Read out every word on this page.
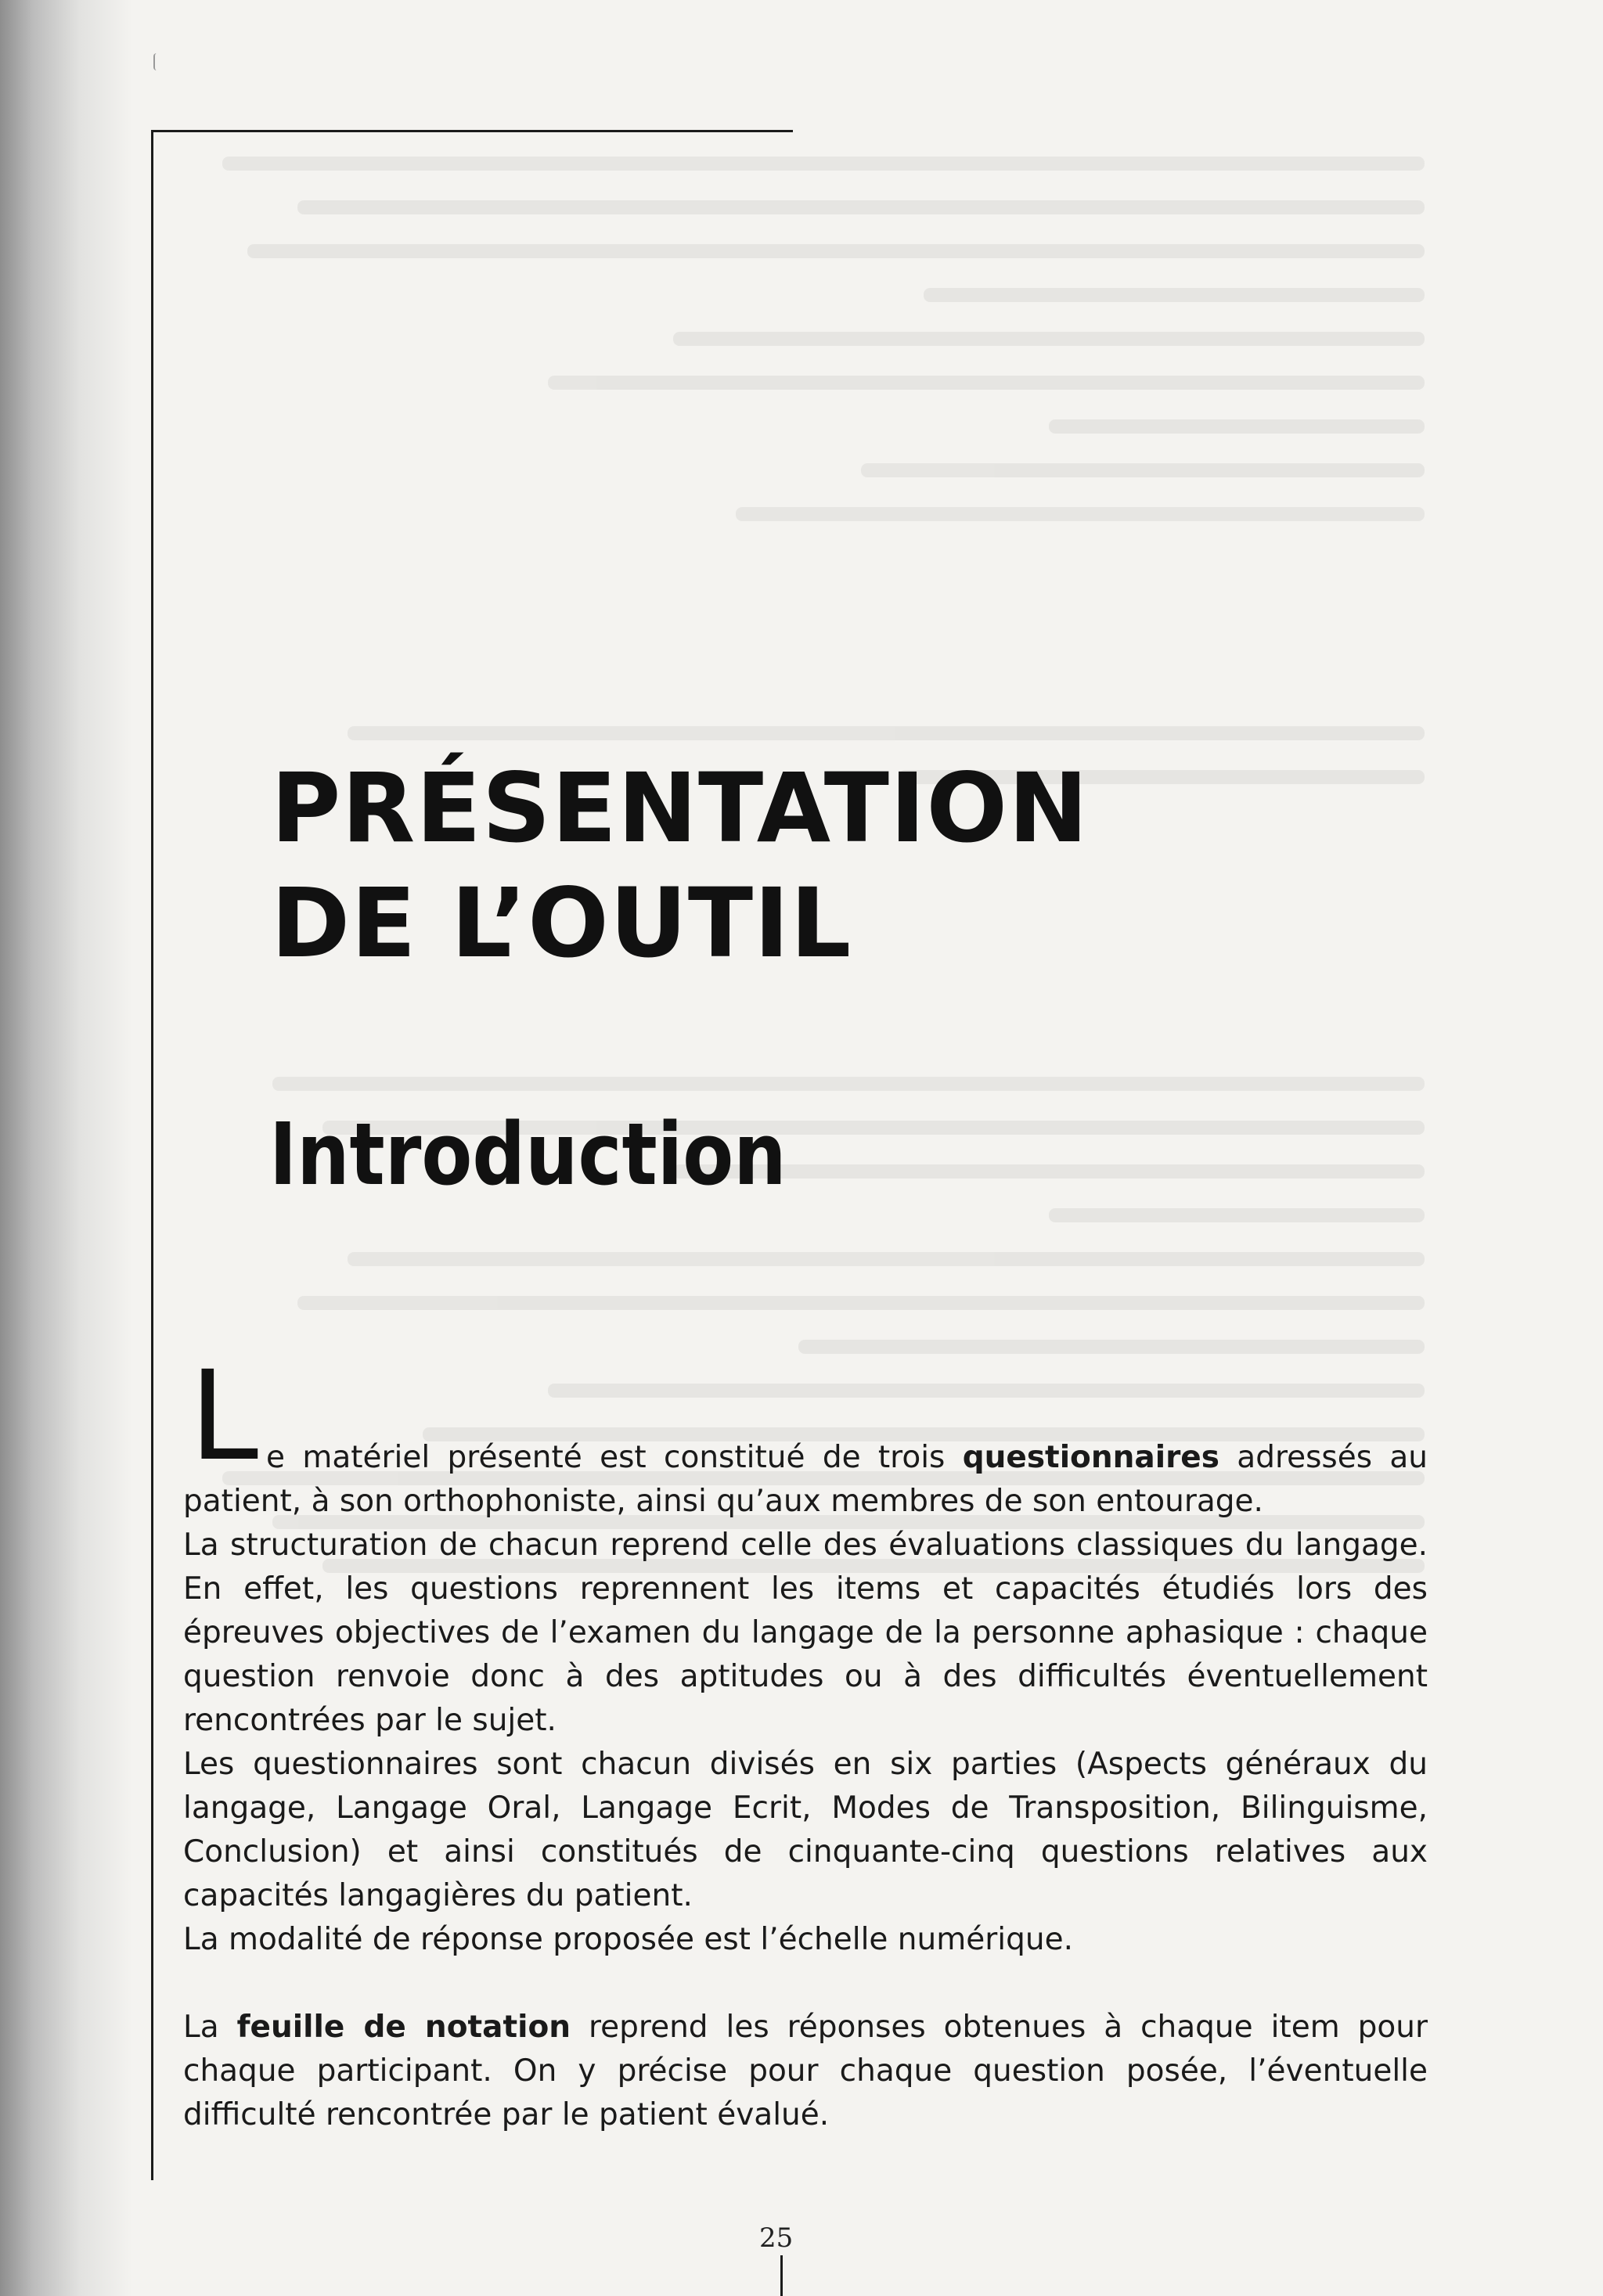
PRÉSENTATION
DE L’OUTIL
Introduction

Le matériel présenté est constitué de trois questionnaires adressés au patient, à son orthophoniste, ainsi qu’aux membres de son entourage.

La structuration de chacun reprend celle des évaluations classiques du langage. En effet, les questions reprennent les items et capacités étudiés lors des épreuves objectives de l’examen du langage de la personne aphasique : chaque question renvoie donc à des aptitudes ou à des difficultés éventuellement rencontrées par le sujet.

Les questionnaires sont chacun divisés en six parties (Aspects généraux du langage, Langage Oral, Langage Ecrit, Modes de Transposition, Bilinguisme, Conclusion) et ainsi constitués de cinquante-cinq questions relatives aux capacités langagières du patient.

La modalité de réponse proposée est l’échelle numérique.

La feuille de notation reprend les réponses obtenues à chaque item pour chaque participant. On y précise pour chaque question posée, l’éventuelle difficulté rencontrée par le patient évalué.

25
